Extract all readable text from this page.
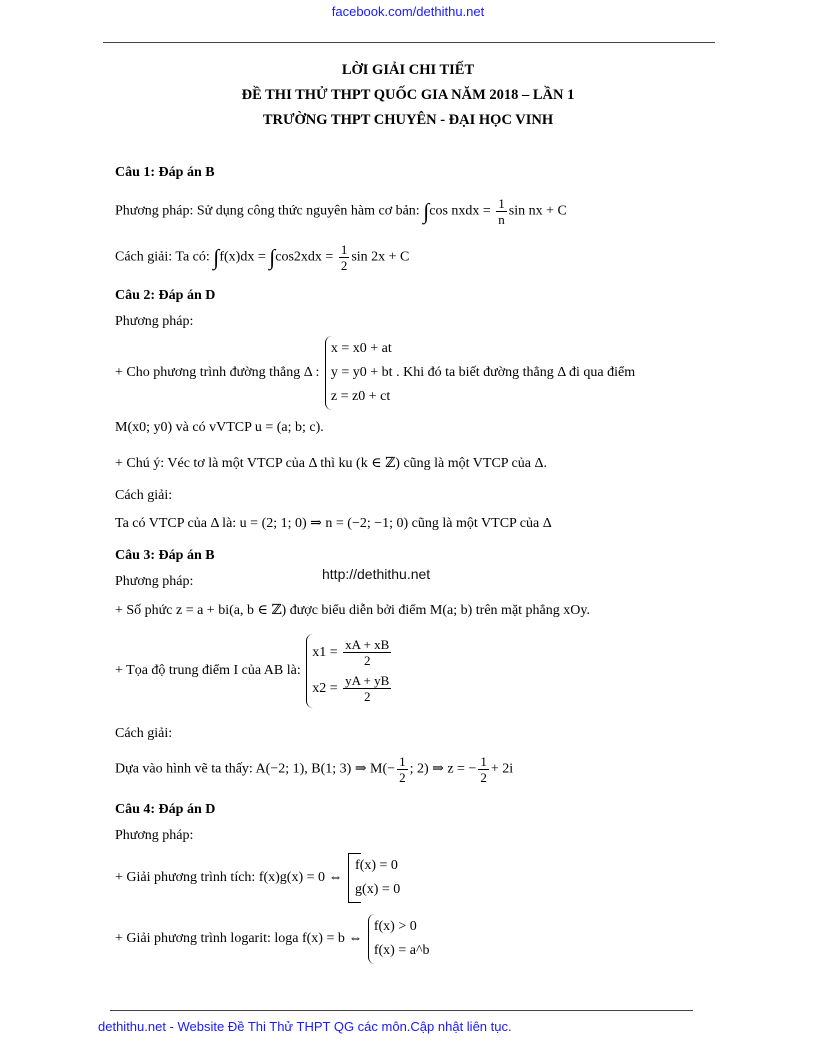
facebook.com/dethithu.net
LỜI GIẢI CHI TIẾT
ĐỀ THI THỬ THPT QUỐC GIA NĂM 2018 – LẦN 1
TRƯỜNG THPT CHUYÊN - ĐẠI HỌC VINH
Câu 1: Đáp án B
Phương pháp: Sử dụng công thức nguyên hàm cơ bản: ∫cos nxdx = $\frac{1}{n}$ sin nx + C
Cách giải: Ta có: $\int f(x)dx = \int\cos 2xdx = \frac{1}{2}$ sin 2x + C
Câu 2: Đáp án D
Phương pháp:
+ Cho phương trình đường thẳng Δ :
x = x0 + at
y = y0 + bt
z = z0 + ct
. Khi đó ta biết đường thẳng Δ đi qua điểm
M(x0; y0) và có vVTCP u = (a; b; c).
+ Chú ý: Véc tơ là một VTCP của Δ thì ku (k ∈ ℤ) cũng là một VTCP của Δ.
Cách giải:
Ta có VTCP của Δ là: u = (2; 1; 0) ⇒ n = (−2; −1; 0) cũng là một VTCP của Δ
Câu 3: Đáp án B
Phương pháp:	http://dethithu.net
+ Số phức z = a + bi(a, b ∈ ℤ) được biểu diễn bởi điểm M(a; b) trên mặt phẳng xOy.
+ Tọa độ trung điểm I của AB là:
$x1 = \frac{xA + xB}{2}$
$x2 = \frac{yA + yB}{2}$
Cách giải:
Dựa vào hình vẽ ta thấy: A(−2; 1), B(1; 3) ⇒ $M(- \frac{1}{2}$ ; 2) ⇒ z = − $\frac{1}{2} + 2i$
Câu 4: Đáp án D
Phương pháp:
+ Giải phương trình tích: f(x)g(x) = 0 ⇔
f(x) = 0
g(x) = 0
+ Giải phương trình logarit: loga f(x) = b ⇔
f(x) > 0
f(x) = a^b
dethithu.net - Website Đề Thi Thử THPT QG các môn.Cập nhật liên tục.
